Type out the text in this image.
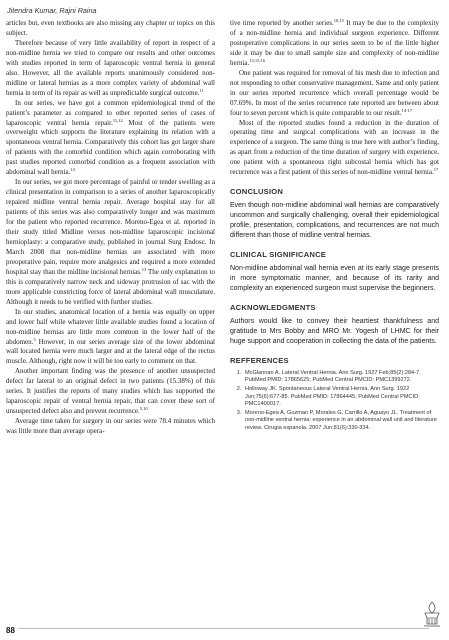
Jitendra Kumar, Rajni Raina

articles but, even textbooks are also missing any chapter or topics on this subject.

Therefore because of very little availability of report in respect of a non-midline hernia we tried to compare our results and other outcomes with studies reported in term of laparoscopic ventral hernia in general also. However, all the available reports unanimously considered non-midline or lateral hernias as a more complex variety of abdominal wall hernia in term of its repair as well as unpredictable surgical outcome.$^{11}$

In our series, we have got a common epidemiological trend of the patient’s parameter as compared to other reported series of cases of laparoscopic ventral hernia repair.$^{11,12}$ Most of the patients were overweight which supports the literature explaining its relation with a spontaneous ventral hernia. Comparatively this cohort has got larger share of patients with the comorbid condition which again corroborating with past studies reported comorbid condition as a frequent association with abdominal wall hernia.$^{13}$

In our series, we got more percentage of painful or tender swelling as a clinical presentation in comparison to a series of another laparoscopically repaired midline ventral hernia repair. Average hospital stay for all patients of this series was also comparatively longer and was maximum for the patient who reported recurrence. Moreno-Egea et al. reported in their study titled Midline versus non-midline laparoscopic incisional hernioplasty: a comparative study, published in journal Surg Endosc. In March 2008 that non-midline hernias are associated with more preoperative pain, require more analgesics and required a more extended hospital stay than the midline incisional hernias.$^{13}$ The only explanation to this is comparatively narrow neck and sideway protrusion of sac with the more applicable constricting force of lateral abdominal wall musculature. Although it needs to be verified with further studies.

In our studies, anatomical location of a hernia was equally on upper and lower half while whatever little available studies found a location of non-midline hernias are little more common in the lower half of the abdomen.$^3$ However, in our series average size of the lower abdominal wall located hernia were much larger and at the lateral edge of the rectus muscle. Although, right now it will be too early to comment on that.

Another important finding was the presence of another unsuspected defect far lateral to an original defect in two patients (15.38%) of this series. It justifies the reports of many studies which has supported the laparoscopic repair of ventral hernia repair, that can cover these sort of unsuspected defect also and prevent recurrence.$^{5,10}$

Average time taken for surgery in our series were 78.4 minutes which was little more than average opera-

tive time reported by another series.$^{10,15}$ It may be due to the complexity of a non-midline hernia and individual surgeon experience. Different postoperative complications in our series seem to be of the little higher side it may be due to small sample size and complexity of non-midline hernia.$^{13,15,16}$

One patient was required for removal of his mesh due to infection and not responding to other conservative management. Same and only patient in our series reported recurrence which overall percentage would be 07.69%. In most of the series recurrence rate reported are between about four to seven percent which is quite comparable to our result.$^{14-17}$

Most of the reported studies found a reduction in the duration of operating time and surgical complications with an increase in the experience of a surgeon. The same thing is true here with author’s finding, as apart from a reduction of the time duration of surgery with experience, one patient with a spontaneous right subcostal hernia which has got recurrence was a first patient of this series of non-midline ventral hernia.$^{17}$

CONCLUSION

Even though non-midline abdominal wall hernias are comparatively uncommon and surgically challenging, overall their epidemiological profile, presentation, complications, and recurrences are not much different than those of midline ventral hernias.

CLINICAL SIGNIFICANCE

Non-midline abdominal wall hernia even at its early stage presents in more symptomatic manner, and because of its rarity and complexity an experienced surgeon must supervise the beginners.

ACKNOWLEDGMENTS

Authors would like to convey their heartiest thankfulness and gratitude to Mrs Bobby and MRO Mr. Yogesh of LHMC for their huge support and cooperation in collecting the data of the patients.

REFFERENCES
1. McGlannan A. Lateral Ventral Hernia. Ann Surg. 1927 Feb;85(2):284-7. PubMed PMID: 17865625; PubMed Central PMCID: PMC1399272.
2. Holloway JK. Spontaneous Lateral Ventral Hernia. Ann Surg. 1922 Jun;75(6):677-85. PubMed PMID: 17864445; PubMed Central PMCID: PMC1400017.
3. Moreno-Egea A, Guzman P, Morales G, Carrillo A, Aguayo JL. Treatment of non-midline ventral hernia: experience in an abdominal wall unit and literature review. Cirugia espanola. 2007 Jun;81(6):330-334.
88
